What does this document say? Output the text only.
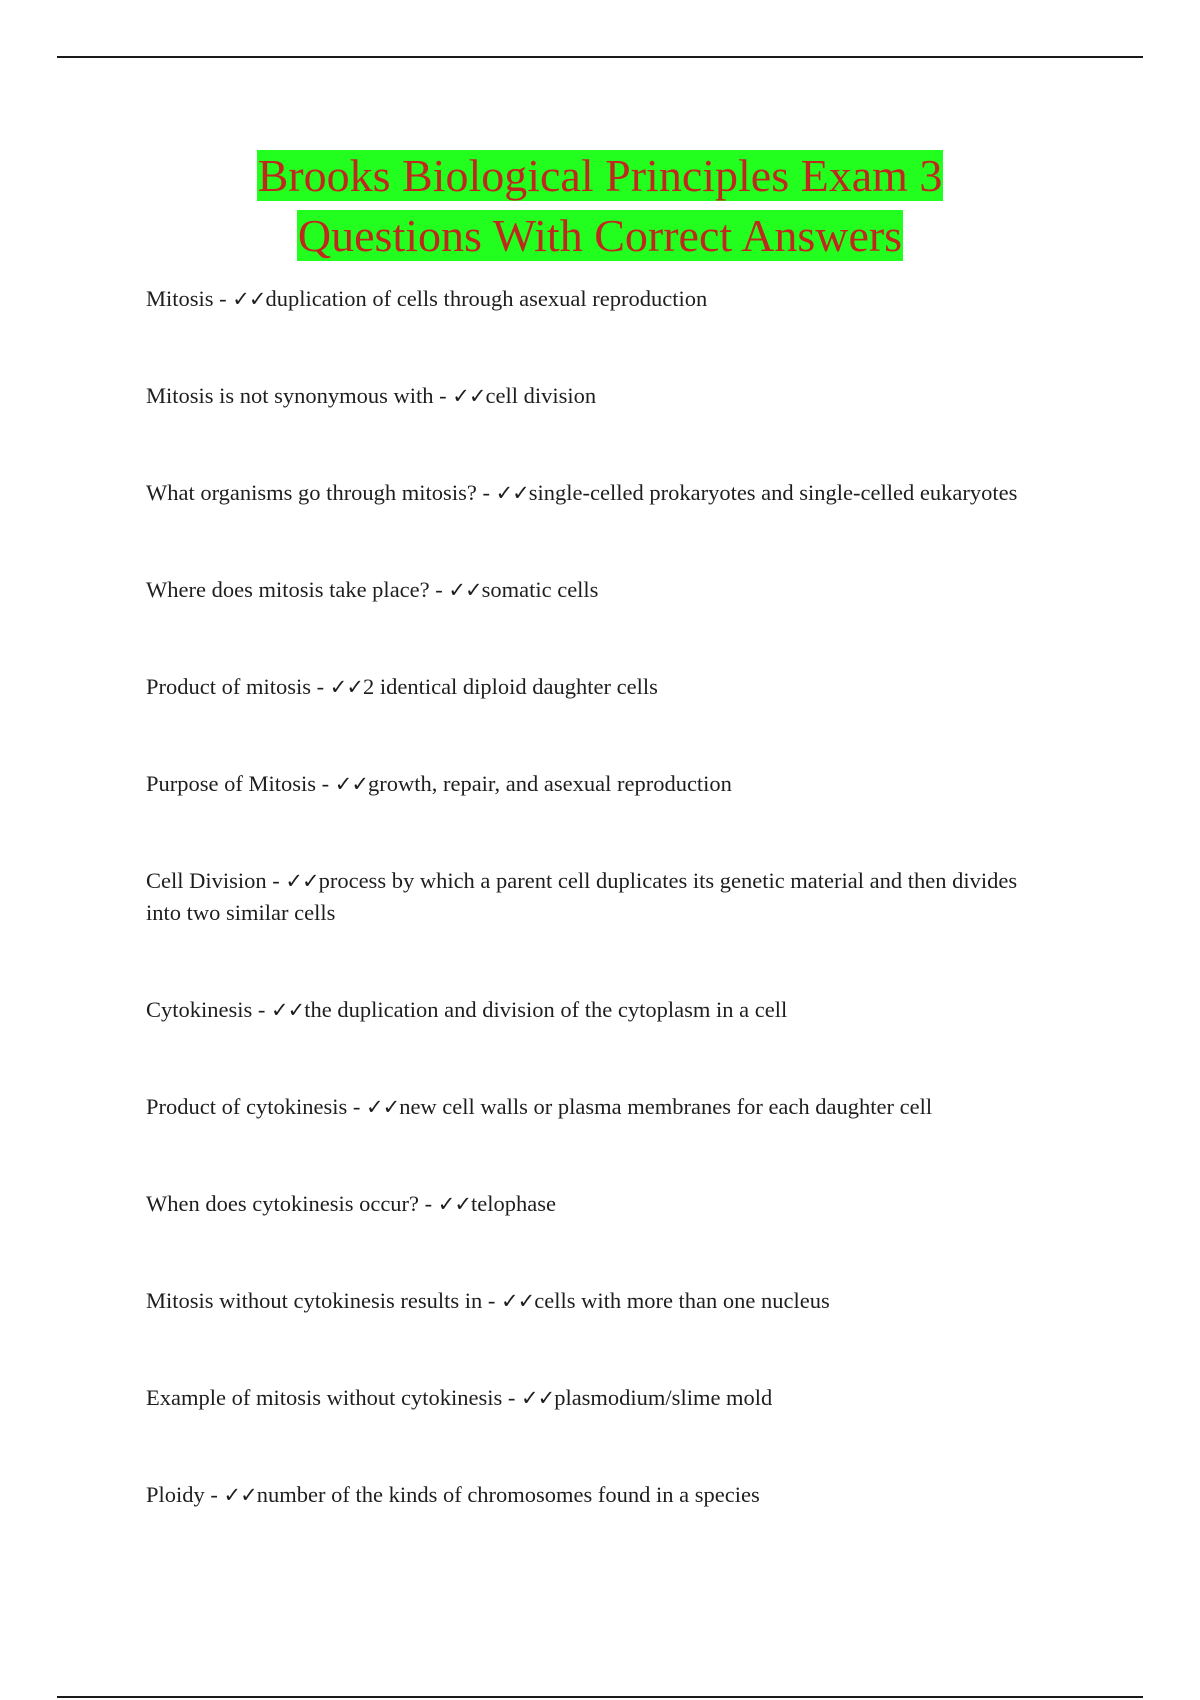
Brooks Biological Principles Exam 3
Questions With Correct Answers
Mitosis - ✓✓duplication of cells through asexual reproduction
Mitosis is not synonymous with - ✓✓cell division
What organisms go through mitosis? - ✓✓single-celled prokaryotes and single-celled eukaryotes
Where does mitosis take place? - ✓✓somatic cells
Product of mitosis - ✓✓2 identical diploid daughter cells
Purpose of Mitosis - ✓✓growth, repair, and asexual reproduction
Cell Division - ✓✓process by which a parent cell duplicates its genetic material and then divides into two similar cells
Cytokinesis - ✓✓the duplication and division of the cytoplasm in a cell
Product of cytokinesis - ✓✓new cell walls or plasma membranes for each daughter cell
When does cytokinesis occur? - ✓✓telophase
Mitosis without cytokinesis results in - ✓✓cells with more than one nucleus
Example of mitosis without cytokinesis - ✓✓plasmodium/slime mold
Ploidy - ✓✓number of the kinds of chromosomes found in a species
